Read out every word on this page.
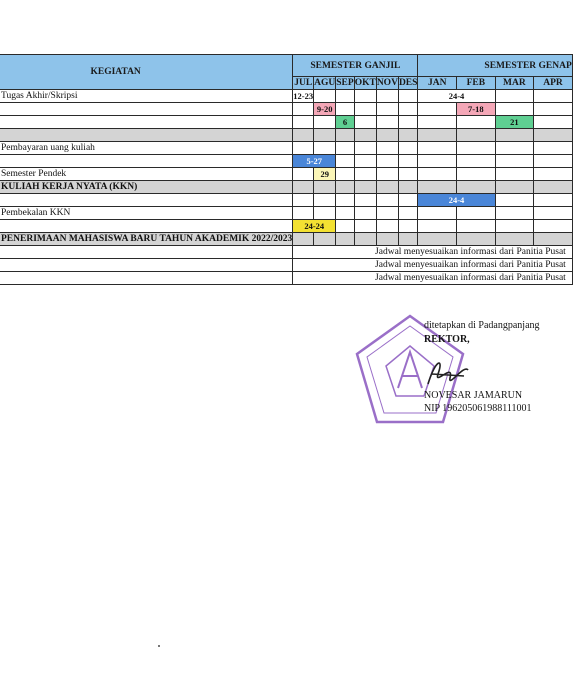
KEGIATAN	SEMESTER GANJIL						SEMESTER GENAP			
	JUL	AGU	SEP	OKT	NOV	DES	JAN	FEB	MAR	APR
Tugas Akhir/Skripsi	12-23						24-4			
		9-20						7-18		
			6						21	

Pembayaran uang kuliah										
	5-27									
Semester Pendek		29								
KULIAH KERJA NYATA (KKN)										
							24-4			
Pembekalan KKN										
	24-24									
PENERIMAAN MAHASISWA BARU TAHUN AKADEMIK 2022/2023										
	Jadwal menyesuaikan informasi dari Panitia Pusat									
	Jadwal menyesuaikan informasi dari Panitia Pusat									
	Jadwal menyesuaikan informasi dari Panitia Pusat									
ditetapkan di Padangpanjang
REKTOR,
NOVESAR JAMARUN
NIP 196205061988111001
